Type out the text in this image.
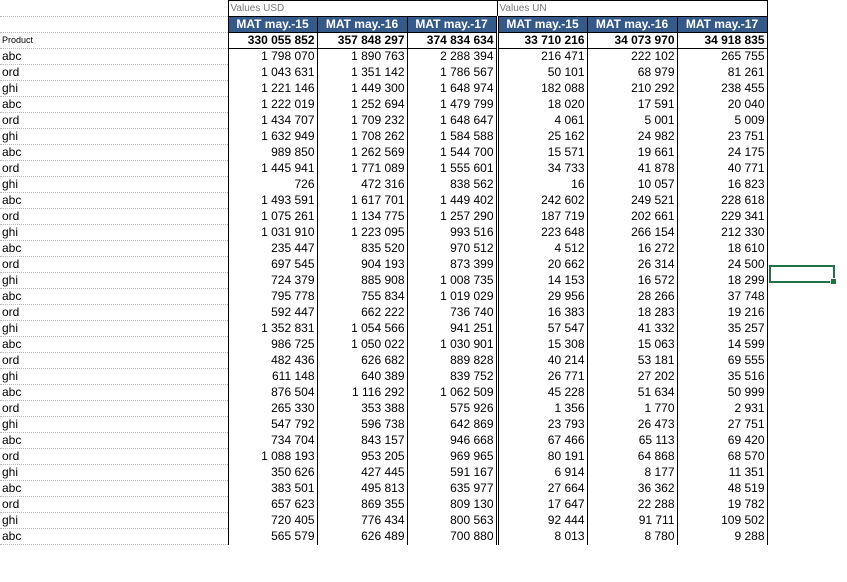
	Values USD			Values UN		
	MAT may.-15	MAT may.-16	MAT may.-17	MAT may.-15	MAT may.-16	MAT may.-17
Product	330 055 852	357 848 297	374 834 634	33 710 216	34 073 970	34 918 835
abc	1 798 070	1 890 763	2 288 394	216 471	222 102	265 755
ord	1 043 631	1 351 142	1 786 567	50 101	68 979	81 261
ghi	1 221 146	1 449 300	1 648 974	182 088	210 292	238 455
abc	1 222 019	1 252 694	1 479 799	18 020	17 591	20 040
ord	1 434 707	1 709 232	1 648 647	4 061	5 001	5 009
ghi	1 632 949	1 708 262	1 584 588	25 162	24 982	23 751
abc	989 850	1 262 569	1 544 700	15 571	19 661	24 175
ord	1 445 941	1 771 089	1 555 601	34 733	41 878	40 771
ghi	726	472 316	838 562	16	10 057	16 823
abc	1 493 591	1 617 701	1 449 402	242 602	249 521	228 618
ord	1 075 261	1 134 775	1 257 290	187 719	202 661	229 341
ghi	1 031 910	1 223 095	993 516	223 648	266 154	212 330
abc	235 447	835 520	970 512	4 512	16 272	18 610
ord	697 545	904 193	873 399	20 662	26 314	24 500
ghi	724 379	885 908	1 008 735	14 153	16 572	18 299
abc	795 778	755 834	1 019 029	29 956	28 266	37 748
ord	592 447	662 222	736 740	16 383	18 283	19 216
ghi	1 352 831	1 054 566	941 251	57 547	41 332	35 257
abc	986 725	1 050 022	1 030 901	15 308	15 063	14 599
ord	482 436	626 682	889 828	40 214	53 181	69 555
ghi	611 148	640 389	839 752	26 771	27 202	35 516
abc	876 504	1 116 292	1 062 509	45 228	51 634	50 999
ord	265 330	353 388	575 926	1 356	1 770	2 931
ghi	547 792	596 738	642 869	23 793	26 473	27 751
abc	734 704	843 157	946 668	67 466	65 113	69 420
ord	1 088 193	953 205	969 965	80 191	64 868	68 570
ghi	350 626	427 445	591 167	6 914	8 177	11 351
abc	383 501	495 813	635 977	27 664	36 362	48 519
ord	657 623	869 355	809 130	17 647	22 288	19 782
ghi	720 405	776 434	800 563	92 444	91 711	109 502
abc	565 579	626 489	700 880	8 013	8 780	9 288
